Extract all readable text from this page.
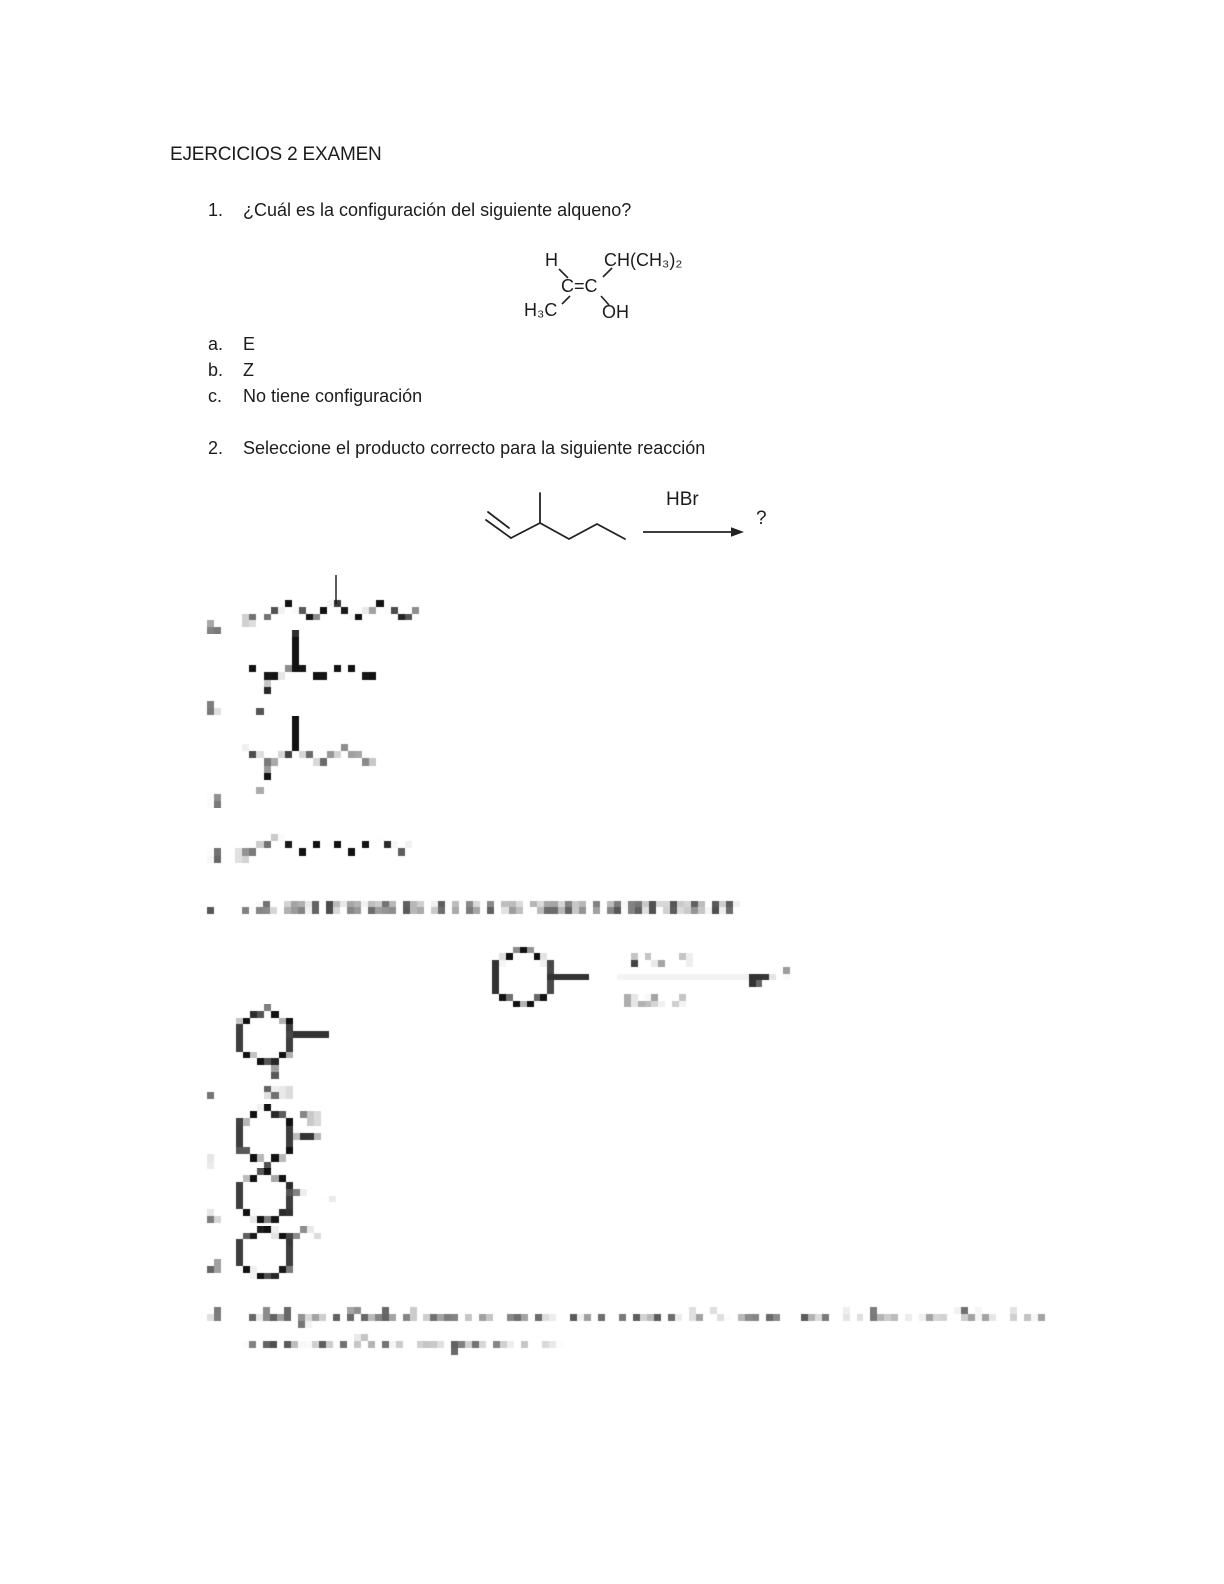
EJERCICIOS 2 EXAMEN
1. ¿Cuál es la configuración del siguiente alqueno?
H	CH(CH₃)₂
C=C
H₃C OH
a. E
b. Z
c. No tiene configuración
2. Seleccione el producto correcto para la siguiente reacción
HBr
?
